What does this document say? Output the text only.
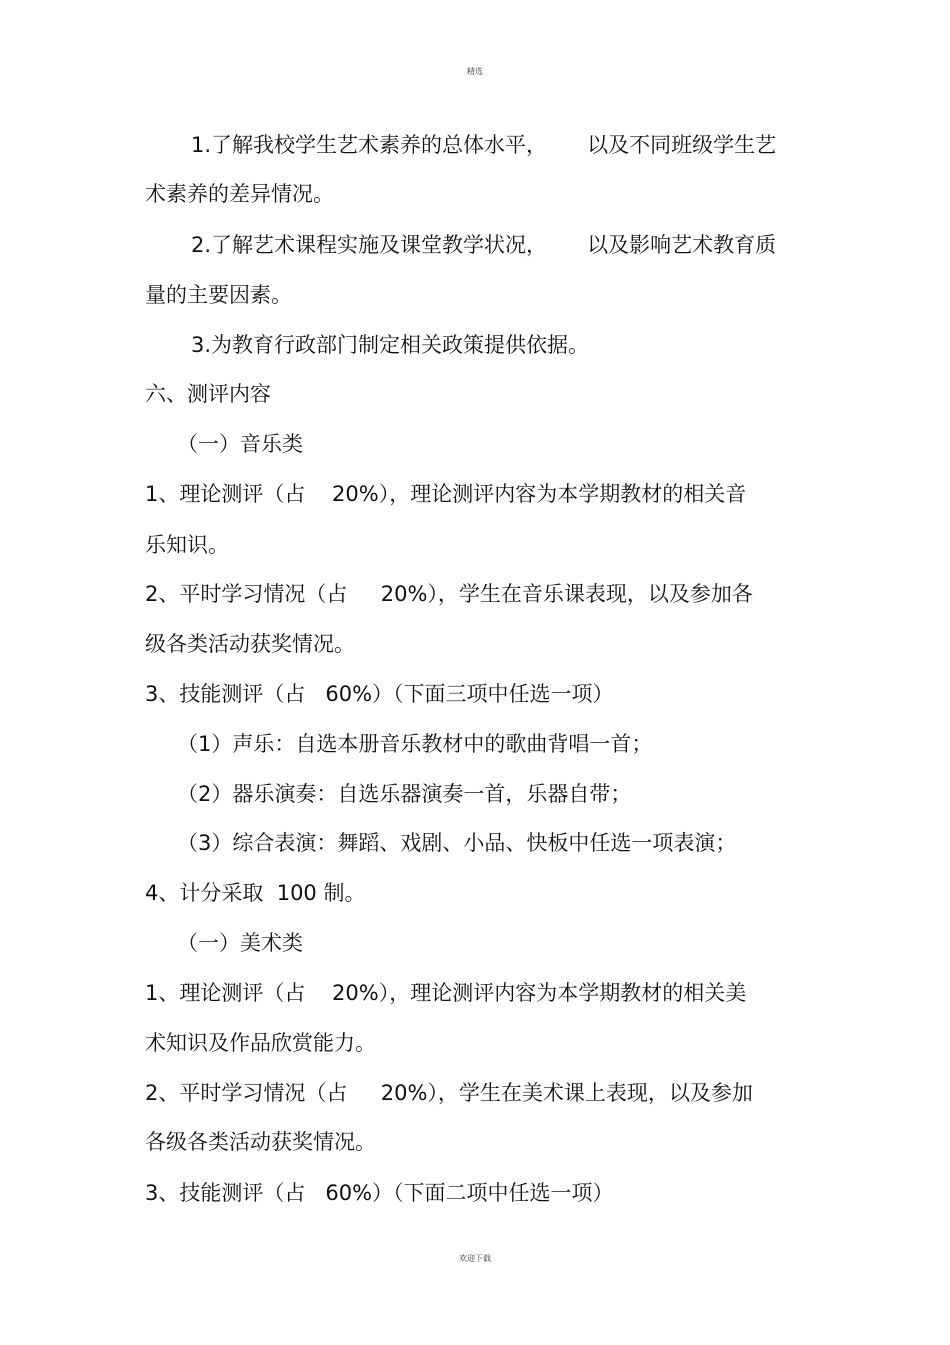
精选
1.了解我校学生艺术素养的总体水平，      以及不同班级学生艺
术素养的差异情况。
2.了解艺术课程实施及课堂教学状况，      以及影响艺术教育质
量的主要因素。
3.为教育行政部门制定相关政策提供依据。
六、测评内容
（一）音乐类
1、理论测评（占    20%），理论测评内容为本学期教材的相关音
乐知识。
2、平时学习情况（占     20%），学生在音乐课表现，以及参加各
级各类活动获奖情况。
3、技能测评（占   60%）（下面三项中任选一项）
（1）声乐：自选本册音乐教材中的歌曲背唱一首；
（2）器乐演奏：自选乐器演奏一首，乐器自带；
（3）综合表演：舞蹈、戏剧、小品、快板中任选一项表演；
4、计分采取  100 制。
（一）美术类
1、理论测评（占    20%），理论测评内容为本学期教材的相关美
术知识及作品欣赏能力。
2、平时学习情况（占     20%），学生在美术课上表现，以及参加
各级各类活动获奖情况。
3、技能测评（占   60%）（下面二项中任选一项）
欢迎下载
